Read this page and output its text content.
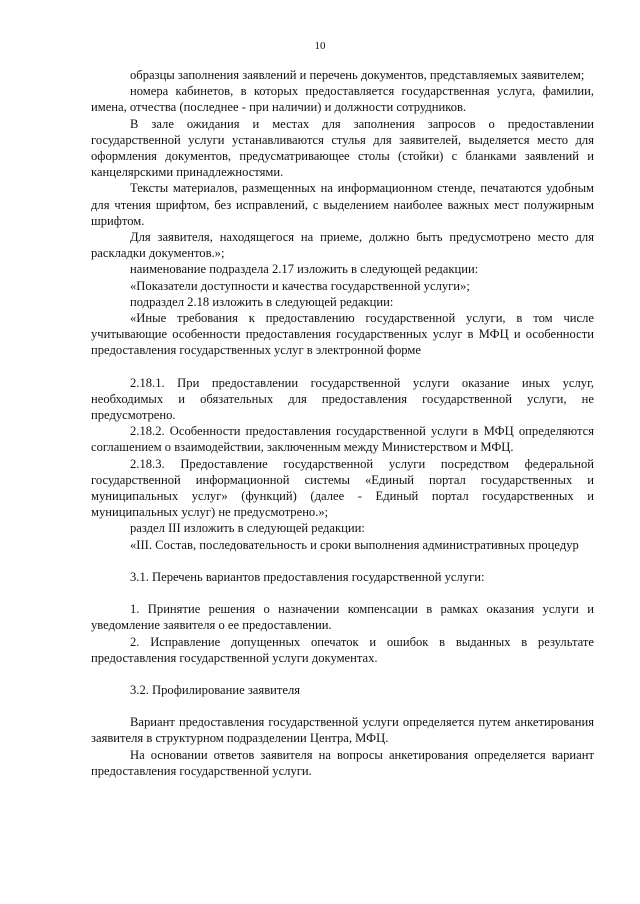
10

образцы заполнения заявлений и перечень документов, представляемых заявителем;

номера кабинетов, в которых предоставляется государственная услуга, фамилии, имена, отчества (последнее - при наличии) и должности сотрудников.

В зале ожидания и местах для заполнения запросов о предоставлении государственной услуги устанавливаются стулья для заявителей, выделяется место для оформления документов, предусматривающее столы (стойки) с бланками заявлений и канцелярскими принадлежностями.

Тексты материалов, размещенных на информационном стенде, печатаются удобным для чтения шрифтом, без исправлений, с выделением наиболее важных мест полужирным шрифтом.

Для заявителя, находящегося на приеме, должно быть предусмотрено место для раскладки документов.»;

наименование подраздела 2.17 изложить в следующей редакции:

«Показатели доступности и качества государственной услуги»;

подраздел 2.18 изложить в следующей редакции:

«Иные требования к предоставлению государственной услуги, в том числе учитывающие особенности предоставления государственных услуг в МФЦ и особенности предоставления государственных услуг в электронной форме

2.18.1. При предоставлении государственной услуги оказание иных услуг, необходимых и обязательных для предоставления государственной услуги, не предусмотрено.

2.18.2. Особенности предоставления государственной услуги в МФЦ определяются соглашением о взаимодействии, заключенным между Министерством и МФЦ.

2.18.3. Предоставление государственной услуги посредством федеральной государственной информационной системы «Единый портал государственных и муниципальных услуг» (функций) (далее - Единый портал государственных и муниципальных услуг) не предусмотрено.»;

раздел III изложить в следующей редакции:

«III. Состав, последовательность и сроки выполнения административных процедур

3.1. Перечень вариантов предоставления государственной услуги:

1. Принятие решения о назначении компенсации в рамках оказания услуги и уведомление заявителя о ее предоставлении.

2. Исправление допущенных опечаток и ошибок в выданных в результате предоставления государственной услуги документах.

3.2. Профилирование заявителя

Вариант предоставления государственной услуги определяется путем анкетирования заявителя в структурном подразделении Центра, МФЦ.

На основании ответов заявителя на вопросы анкетирования определяется вариант предоставления государственной услуги.
